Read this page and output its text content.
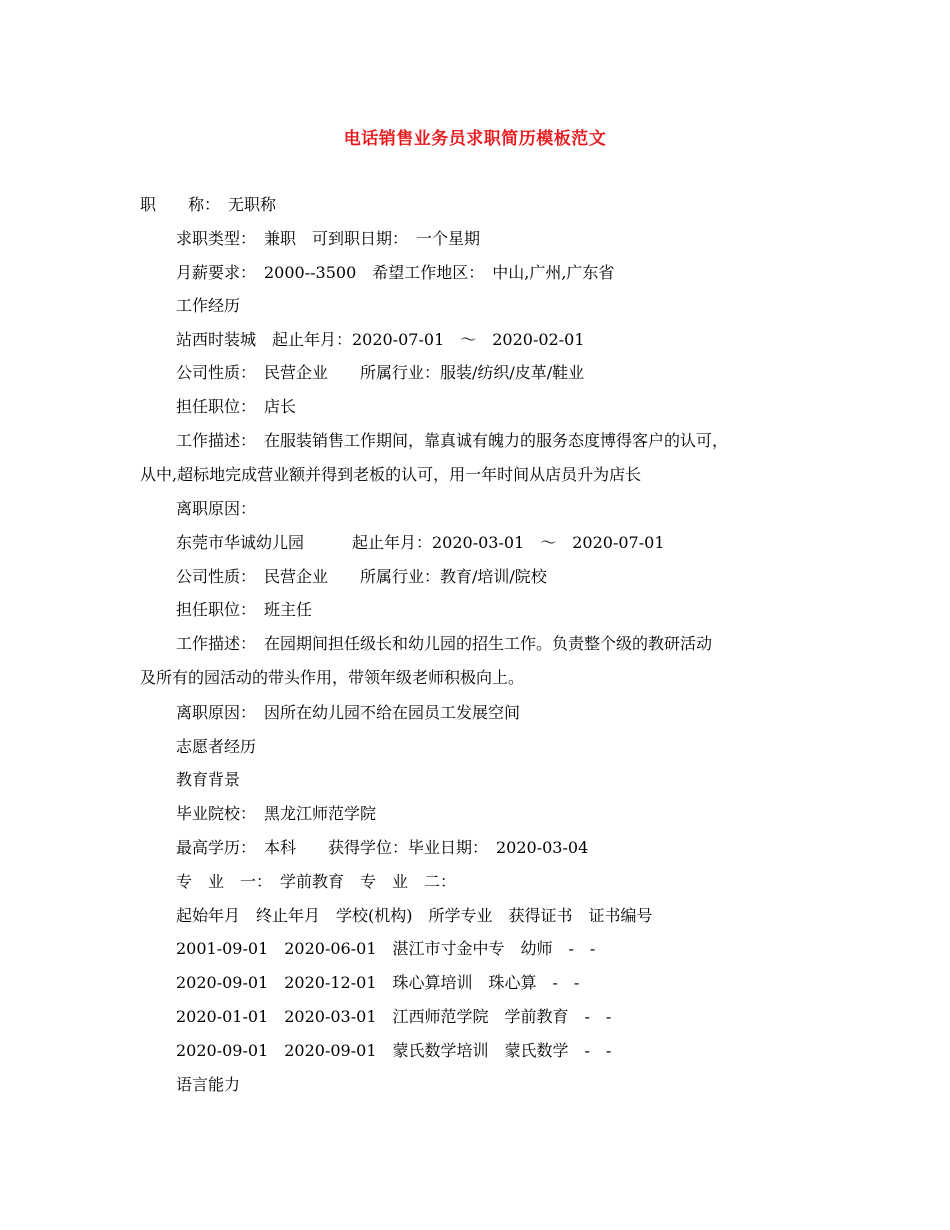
电话销售业务员求职简历模板范文
职　　称：　无职称
求职类型：　兼职　可到职日期：　一个星期
月薪要求：　2000--3500　希望工作地区：　中山,广州,广东省
工作经历
站西时装城　起止年月：2020-07-01　～　2020-02-01
公司性质：　民营企业　　所属行业：服装/纺织/皮革/鞋业
担任职位：　店长
工作描述：　在服装销售工作期间，靠真诚有魄力的服务态度博得客户的认可，
从中,超标地完成营业额并得到老板的认可，用一年时间从店员升为店长
离职原因：
东莞市华诚幼儿园　　　起止年月：2020-03-01　～　2020-07-01
公司性质：　民营企业　　所属行业：教育/培训/院校
担任职位：　班主任
工作描述：　在园期间担任级长和幼儿园的招生工作。负责整个级的教研活动
及所有的园活动的带头作用，带领年级老师积极向上。
离职原因：　因所在幼儿园不给在园员工发展空间
志愿者经历
教育背景
毕业院校：　黑龙江师范学院
最高学历：　本科　　获得学位：毕业日期：　2020-03-04
专　业　一：　学前教育　专　业　二：
起始年月　终止年月　学校(机构)　所学专业　获得证书　证书编号
2001-09-01　2020-06-01　湛江市寸金中专　幼师　-　-
2020-09-01　2020-12-01　珠心算培训　珠心算　-　-
2020-01-01　2020-03-01　江西师范学院　学前教育　-　-
2020-09-01　2020-09-01　蒙氏数学培训　蒙氏数学　-　-
语言能力
